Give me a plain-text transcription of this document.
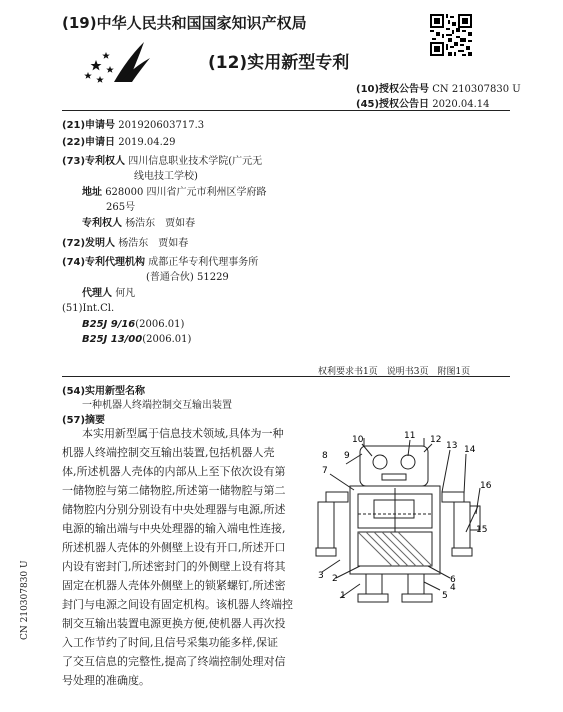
(19)中华人民共和国国家知识产权局
(12)实用新型专利
(10)授权公告号 CN 210307830 U
(45)授权公告日 2020.04.14
(21)申请号 201920603717.3
(22)申请日 2019.04.29
(73)专利权人 四川信息职业技术学院(广元无
线电技工学校)
地址 628000 四川省广元市利州区学府路
265号
专利权人 杨浩东　贾如春
(72)发明人 杨浩东　贾如春
(74)专利代理机构 成都正华专利代理事务所
(普通合伙) 51229
代理人 何凡
(51)Int.Cl.
B25J 9/16(2006.01)
B25J 13/00(2006.01)
权利要求书1页　说明书3页　附图1页
(54)实用新型名称
一种机器人终端控制交互输出装置
(57)摘要
本实用新型属于信息技术领域,具体为一种
机器人终端控制交互输出装置,包括机器人壳
体,所述机器人壳体的内部从上至下依次设有第
一储物腔与第二储物腔,所述第一储物腔与第二
储物腔内分别分别设有中央处理器与电源,所述
电源的输出端与中央处理器的输入端电性连接,
所述机器人壳体的外侧壁上设有开口,所述开口
内设有密封门,所述密封门的外侧壁上设有将其
固定在机器人壳体外侧壁上的锁紧螺钉,所述密
封门与电源之间设有固定机构。该机器人终端控
制交互输出装置电源更换方便,使机器人再次投
入工作节约了时间,且信号采集功能多样,保证
了交互信息的完整性,提高了终端控制处理对信
号处理的准确度。
CN 210307830 U	1
2
3
4
5
6
7
8 9
10	11 12
13 14
15
16
